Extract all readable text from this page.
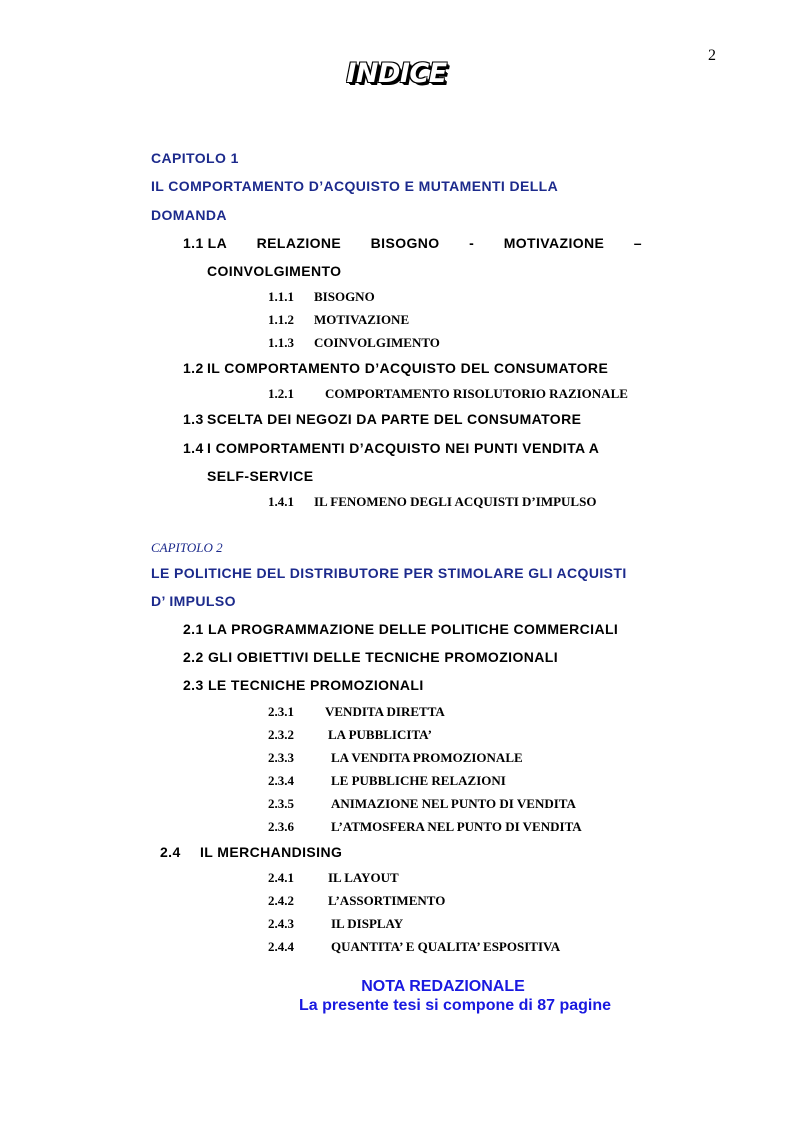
2
INDICE
CAPITOLO 1
IL COMPORTAMENTO D’ACQUISTO E MUTAMENTI DELLA
DOMANDA
1.1 LA RELAZIONE BISOGNO - MOTIVAZIONE –
COINVOLGIMENTO
1.1.1 BISOGNO
1.1.2 MOTIVAZIONE
1.1.3 COINVOLGIMENTO
1.2 IL COMPORTAMENTO D’ACQUISTO DEL CONSUMATORE
1.2.1 COMPORTAMENTO RISOLUTORIO RAZIONALE
1.3 SCELTA DEI NEGOZI DA PARTE DEL CONSUMATORE
1.4 I COMPORTAMENTI D’ACQUISTO NEI PUNTI VENDITA A
SELF-SERVICE
1.4.1 IL FENOMENO DEGLI ACQUISTI D’IMPULSO
CAPITOLO 2
LE POLITICHE DEL DISTRIBUTORE PER STIMOLARE GLI ACQUISTI
D’ IMPULSO
2.1 LA PROGRAMMAZIONE DELLE POLITICHE COMMERCIALI
2.2 GLI OBIETTIVI DELLE TECNICHE PROMOZIONALI
2.3 LE TECNICHE PROMOZIONALI
2.3.1 VENDITA DIRETTA
2.3.2	LA PUBBLICITA’
2.3.3	LA VENDITA PROMOZIONALE
2.3.4	LE PUBBLICHE RELAZIONI
2.3.5	ANIMAZIONE NEL PUNTO DI VENDITA
2.3.6	L’ATMOSFERA NEL PUNTO DI VENDITA
2.4 IL MERCHANDISING
2.4.1	IL LAYOUT
2.4.2	L’ASSORTIMENTO
2.4.3	IL DISPLAY
2.4.4	QUANTITA’ E QUALITA’ ESPOSITIVA
NOTA REDAZIONALE
La presente tesi si compone di 87 pagine
